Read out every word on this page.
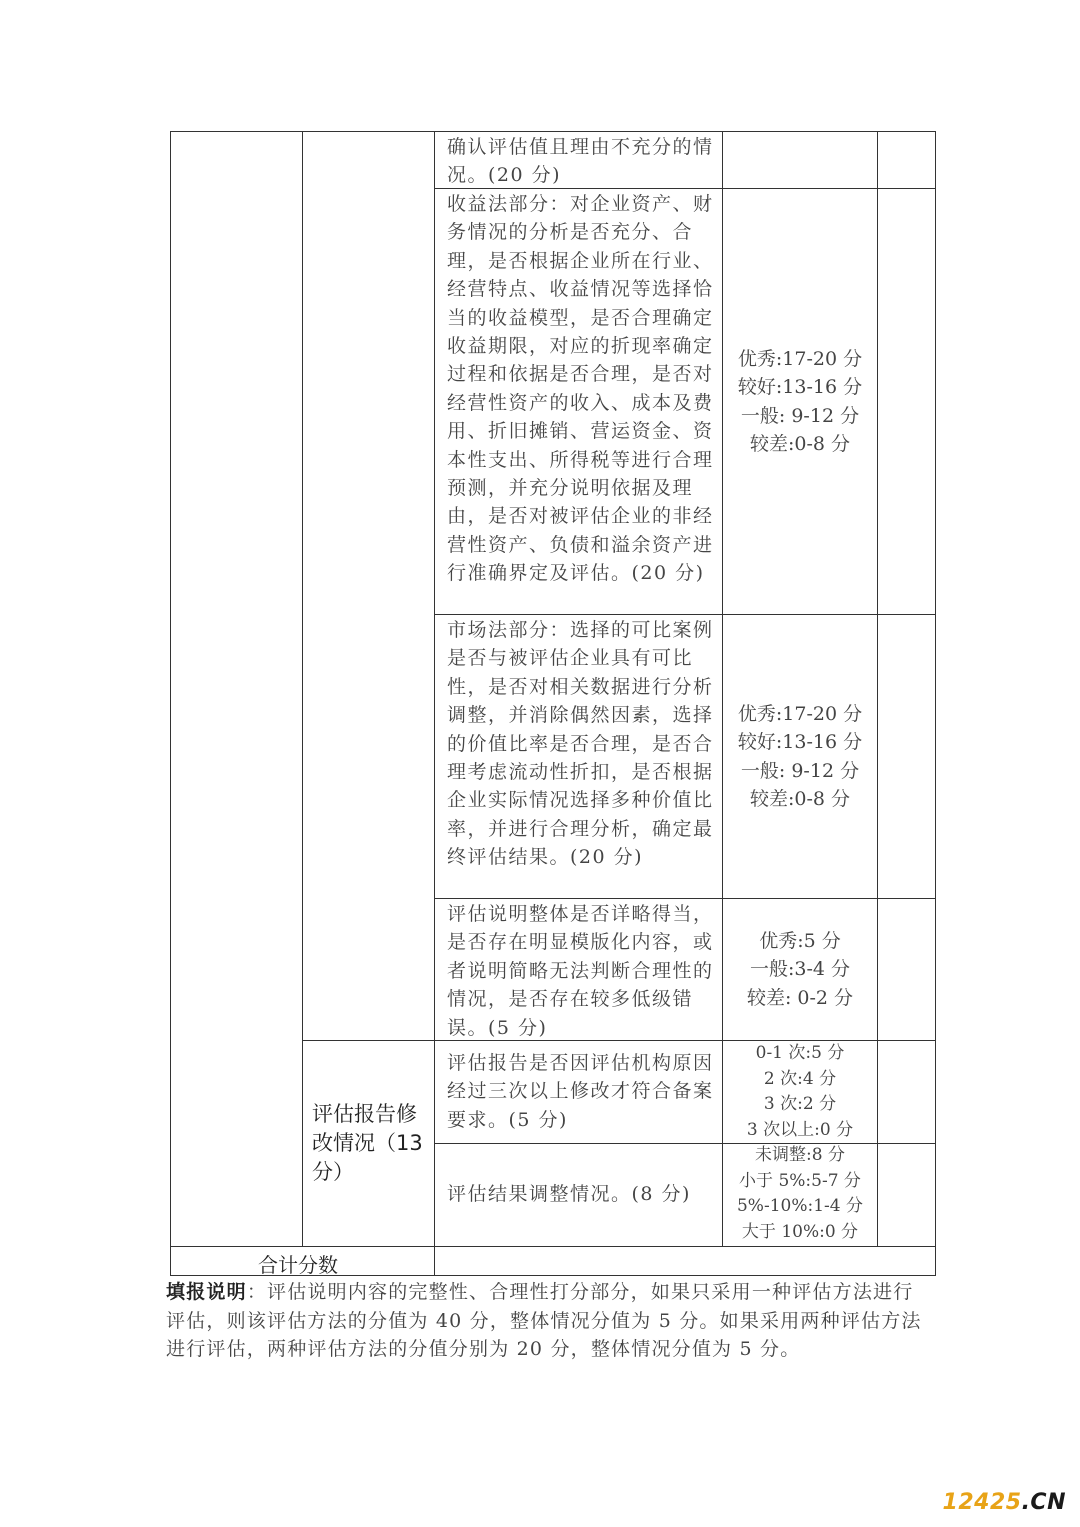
确认评估值且理由不充分的情况。(20 分)
收益法部分：对企业资产、财务情况的分析是否充分、合理，是否根据企业所在行业、经营特点、收益情况等选择恰当的收益模型，是否合理确定收益期限，对应的折现率确定过程和依据是否合理，是否对经营性资产的收入、成本及费用、折旧摊销、营运资金、资本性支出、所得税等进行合理预测，并充分说明依据及理由，是否对被评估企业的非经营性资产、负债和溢余资产进行准确界定及评估。(20 分)
优秀:17-20 分
较好:13-16 分
一般: 9-12 分
较差:0-8 分
市场法部分：选择的可比案例是否与被评估企业具有可比性，是否对相关数据进行分析调整，并消除偶然因素，选择的价值比率是否合理，是否合理考虑流动性折扣，是否根据企业实际情况选择多种价值比率，并进行合理分析，确定最终评估结果。(20 分)
优秀:17-20 分
较好:13-16 分
一般: 9-12 分
较差:0-8 分
评估说明整体是否详略得当，是否存在明显模版化内容，或者说明简略无法判断合理性的情况，是否存在较多低级错误。(5 分)
优秀:5 分
一般:3-4 分
较差: 0-2 分
评估报告修改情况（13 分）
评估报告是否因评估机构原因经过三次以上修改才符合备案要求。(5 分)
0-1 次:5 分
2 次:4 分
3 次:2 分
3 次以上:0 分
评估结果调整情况。(8 分)
未调整:8 分
小于 5%:5-7 分
5%-10%:1-4 分
大于 10%:0 分
合计分数
填报说明：评估说明内容的完整性、合理性打分部分，如果只采用一种评估方法进行评估，则该评估方法的分值为 40 分，整体情况分值为 5 分。如果采用两种评估方法进行评估，两种评估方法的分值分别为 20 分，整体情况分值为 5 分。
12425.CN
